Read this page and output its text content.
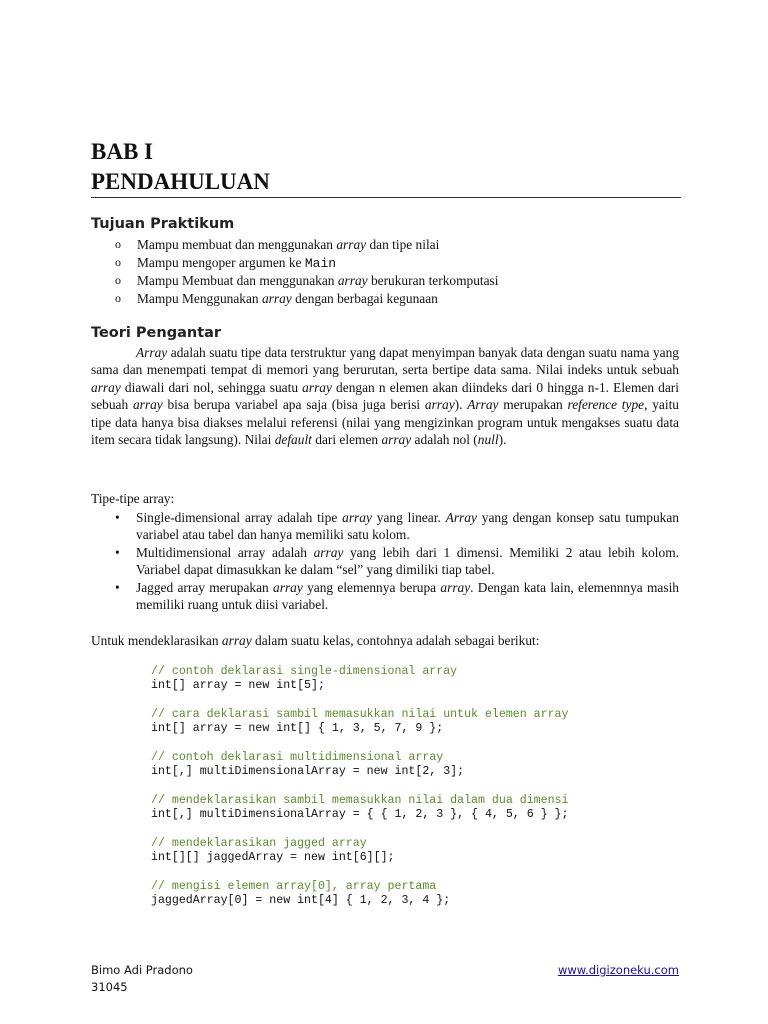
BAB I
PENDAHULUAN
Tujuan Praktikum
o Mampu membuat dan menggunakan array dan tipe nilai
o Mampu mengoper argumen ke Main
o Mampu Membuat dan menggunakan array berukuran terkomputasi
o Mampu Menggunakan array dengan berbagai kegunaan
Teori Pengantar

Array adalah suatu tipe data terstruktur yang dapat menyimpan banyak data dengan suatu nama yang sama dan menempati tempat di memori yang berurutan, serta bertipe data sama. Nilai indeks untuk sebuah array diawali dari nol, sehingga suatu array dengan n elemen akan diindeks dari 0 hingga n-1. Elemen dari sebuah array bisa berupa variabel apa saja (bisa juga berisi array). Array merupakan reference type, yaitu tipe data hanya bisa diakses melalui referensi (nilai yang mengizinkan program untuk mengakses suatu data item secara tidak langsung). Nilai default dari elemen array adalah nol (null).

Tipe-tipe array:

• Single-dimensional array adalah tipe array yang linear. Array yang dengan konsep satu tumpukan variabel atau tabel dan hanya memiliki satu kolom.
• Multidimensional array adalah array yang lebih dari 1 dimensi. Memiliki 2 atau lebih kolom. Variabel dapat dimasukkan ke dalam “sel” yang dimiliki tiap tabel.
• Jagged array merupakan array yang elemennya berupa array. Dengan kata lain, elemennnya masih memiliki ruang untuk diisi variabel.

Untuk mendeklarasikan array dalam suatu kelas, contohnya adalah sebagai berikut:

// contoh deklarasi single-dimensional array
int[] array = new int[5];
// cara deklarasi sambil memasukkan nilai untuk elemen array
int[] array = new int[] { 1, 3, 5, 7, 9 };
// contoh deklarasi multidimensional array
int[,] multiDimensionalArray = new int[2, 3];
// mendeklarasikan sambil memasukkan nilai dalam dua dimensi
int[,] multiDimensionalArray = { { 1, 2, 3 }, { 4, 5, 6 } };
// mendeklarasikan jagged array
int[][] jaggedArray = new int[6][];
// mengisi elemen array[0], array pertama
jaggedArray[0] = new int[4] { 1, 2, 3, 4 };
Bimo Adi Pradono
31045
www.digizoneku.com
